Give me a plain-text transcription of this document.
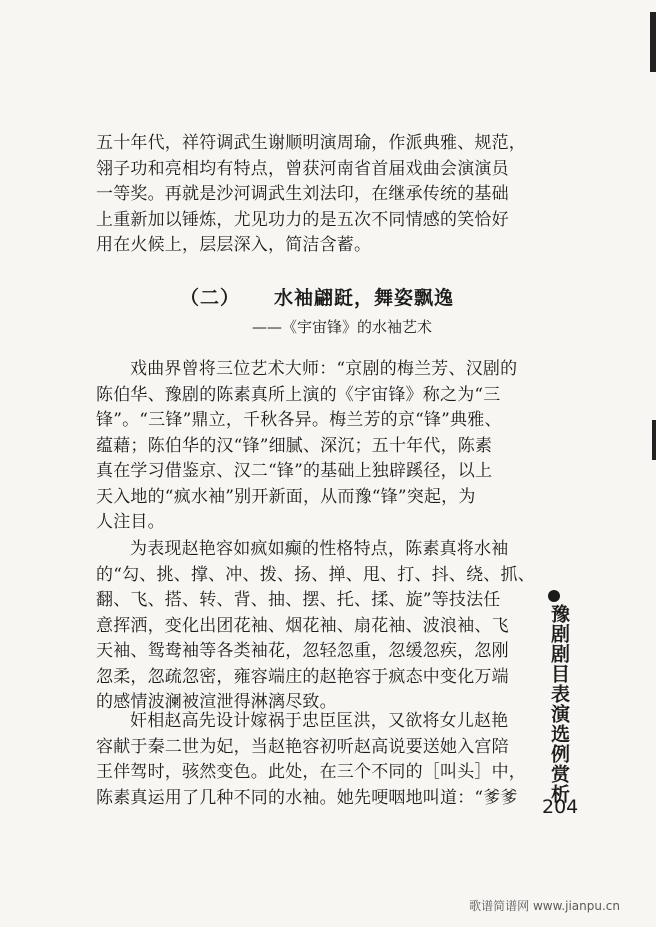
五十年代，祥符调武生谢顺明演周瑜，作派典雅、规范，
翎子功和亮相均有特点，曾获河南省首届戏曲会演演员
一等奖。再就是沙河调武生刘法印，在继承传统的基础
上重新加以锤炼，尤见功力的是五次不同情感的笑恰好
用在火候上，层层深入，简洁含蓄。
（二） 水袖翩跹，舞姿飘逸
——《宇宙锋》的水袖艺术
戏曲界曾将三位艺术大师：“京剧的梅兰芳、汉剧的
陈伯华、豫剧的陈素真所上演的《宇宙锋》称之为“三
锋”。“三锋”鼎立，千秋各异。梅兰芳的京“锋”典雅、
蕴藉；陈伯华的汉“锋”细腻、深沉；五十年代，陈素
真在学习借鉴京、汉二“锋”的基础上独辟蹊径，以上
天入地的“疯水袖”别开新面，从而豫“锋”突起，为
人注目。
为表现赵艳容如疯如癫的性格特点，陈素真将水袖
的“勾、挑、撑、冲、拨、扬、掸、甩、打、抖、绕、抓、
翻、飞、搭、转、背、抽、摆、托、揉、旋”等技法任
意挥洒，变化出团花袖、烟花袖、扇花袖、波浪袖、飞
天袖、鸳鸯袖等各类袖花，忽轻忽重，忽缓忽疾，忽刚
忽柔，忽疏忽密，雍容端庄的赵艳容于疯态中变化万端
的感情波澜被渲泄得淋漓尽致。
奸相赵高先设计嫁祸于忠臣匡洪，又欲将女儿赵艳
容献于秦二世为妃，当赵艳容初听赵高说要送她入宫陪
王伴驾时，骇然变色。此处，在三个不同的［叫头］中，
陈素真运用了几种不同的水袖。她先哽咽地叫道：“爹爹	豫剧剧目表演选例赏析
204
歌谱简谱网 www.jianpu.cn
